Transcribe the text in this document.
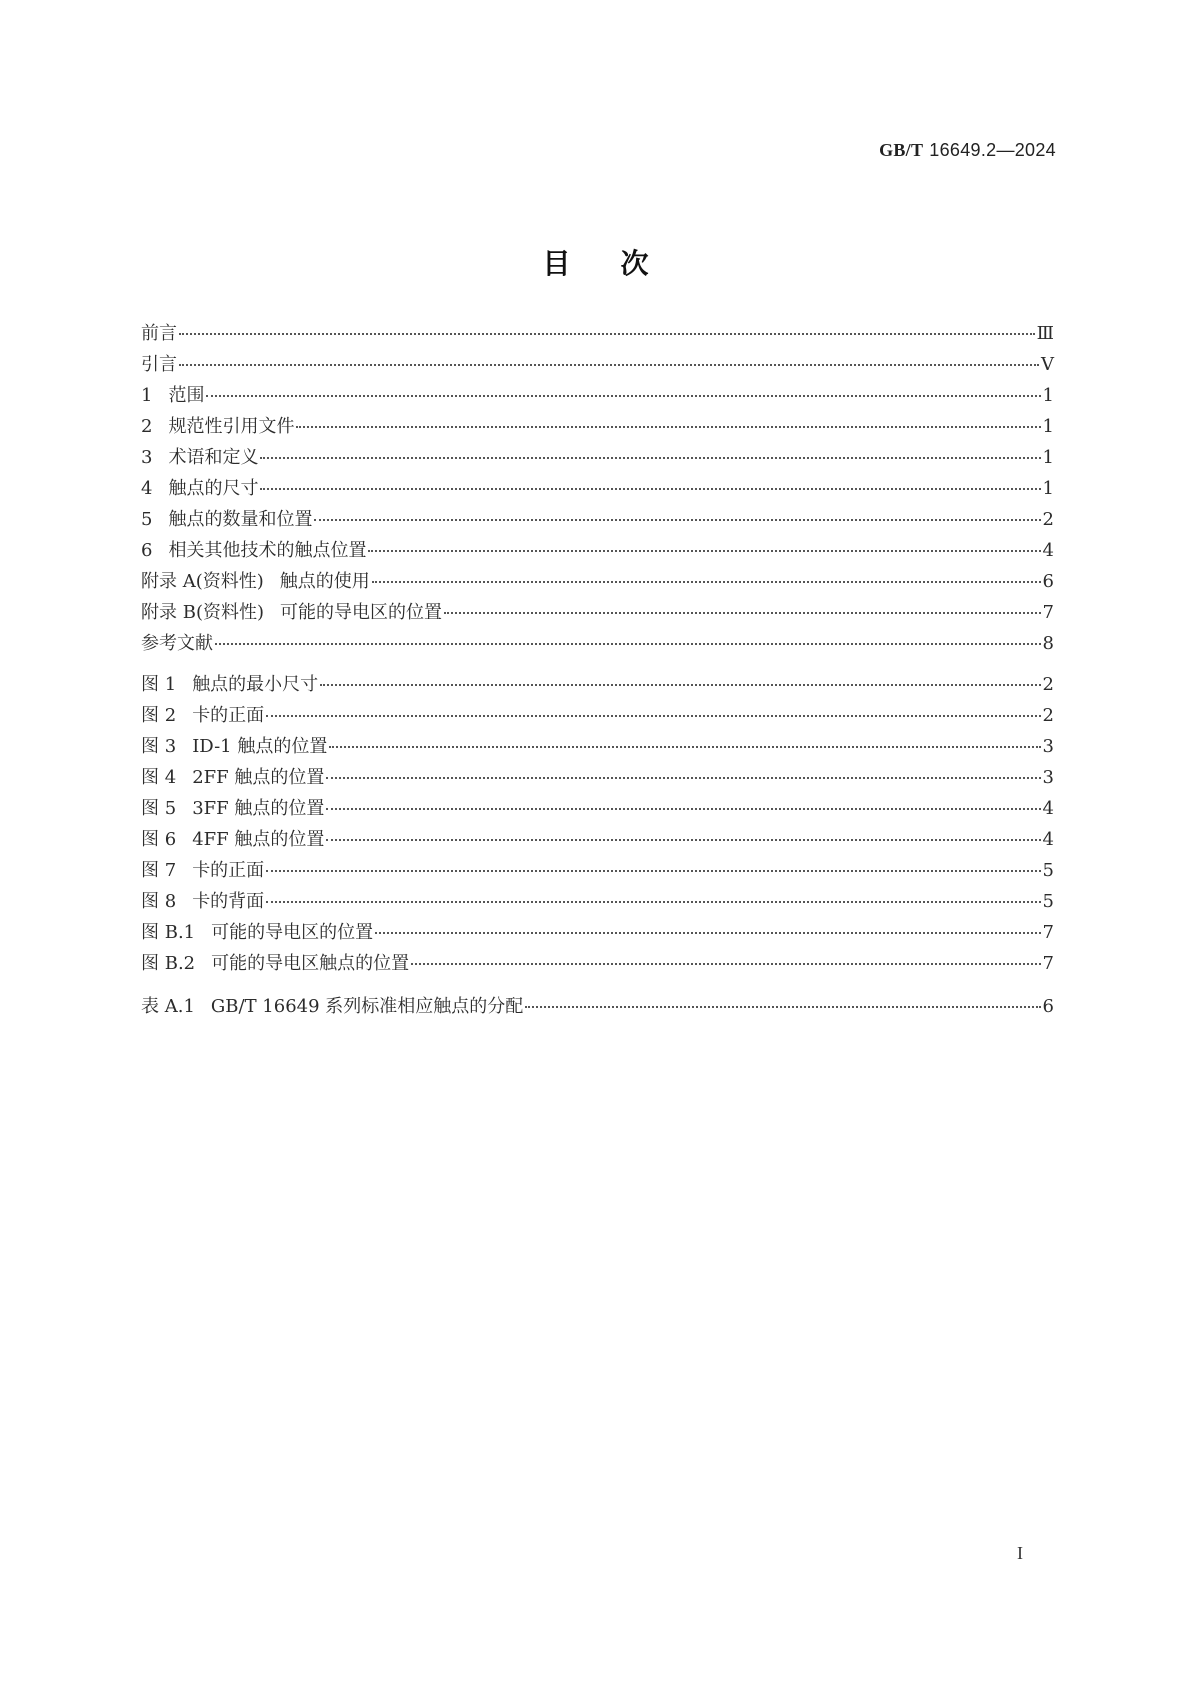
GB/T 16649.2—2024
目次
前言	Ⅲ
引言	Ⅴ
1 范围	1
2 规范性引用文件	1
3 术语和定义	1
4 触点的尺寸	1
5 触点的数量和位置	2
6 相关其他技术的触点位置	4
附录 A(资料性) 触点的使用	6
附录 B(资料性) 可能的导电区的位置	7
参考文献	8
图 1 触点的最小尺寸	2
图 2 卡的正面	2
图 3 ID-1 触点的位置	3
图 4 2FF 触点的位置	3
图 5 3FF 触点的位置	4
图 6 4FF 触点的位置	4
图 7 卡的正面	5
图 8 卡的背面	5
图 B.1 可能的导电区的位置	7
图 B.2 可能的导电区触点的位置	7
表 A.1 GB/T 16649 系列标准相应触点的分配	6
I
